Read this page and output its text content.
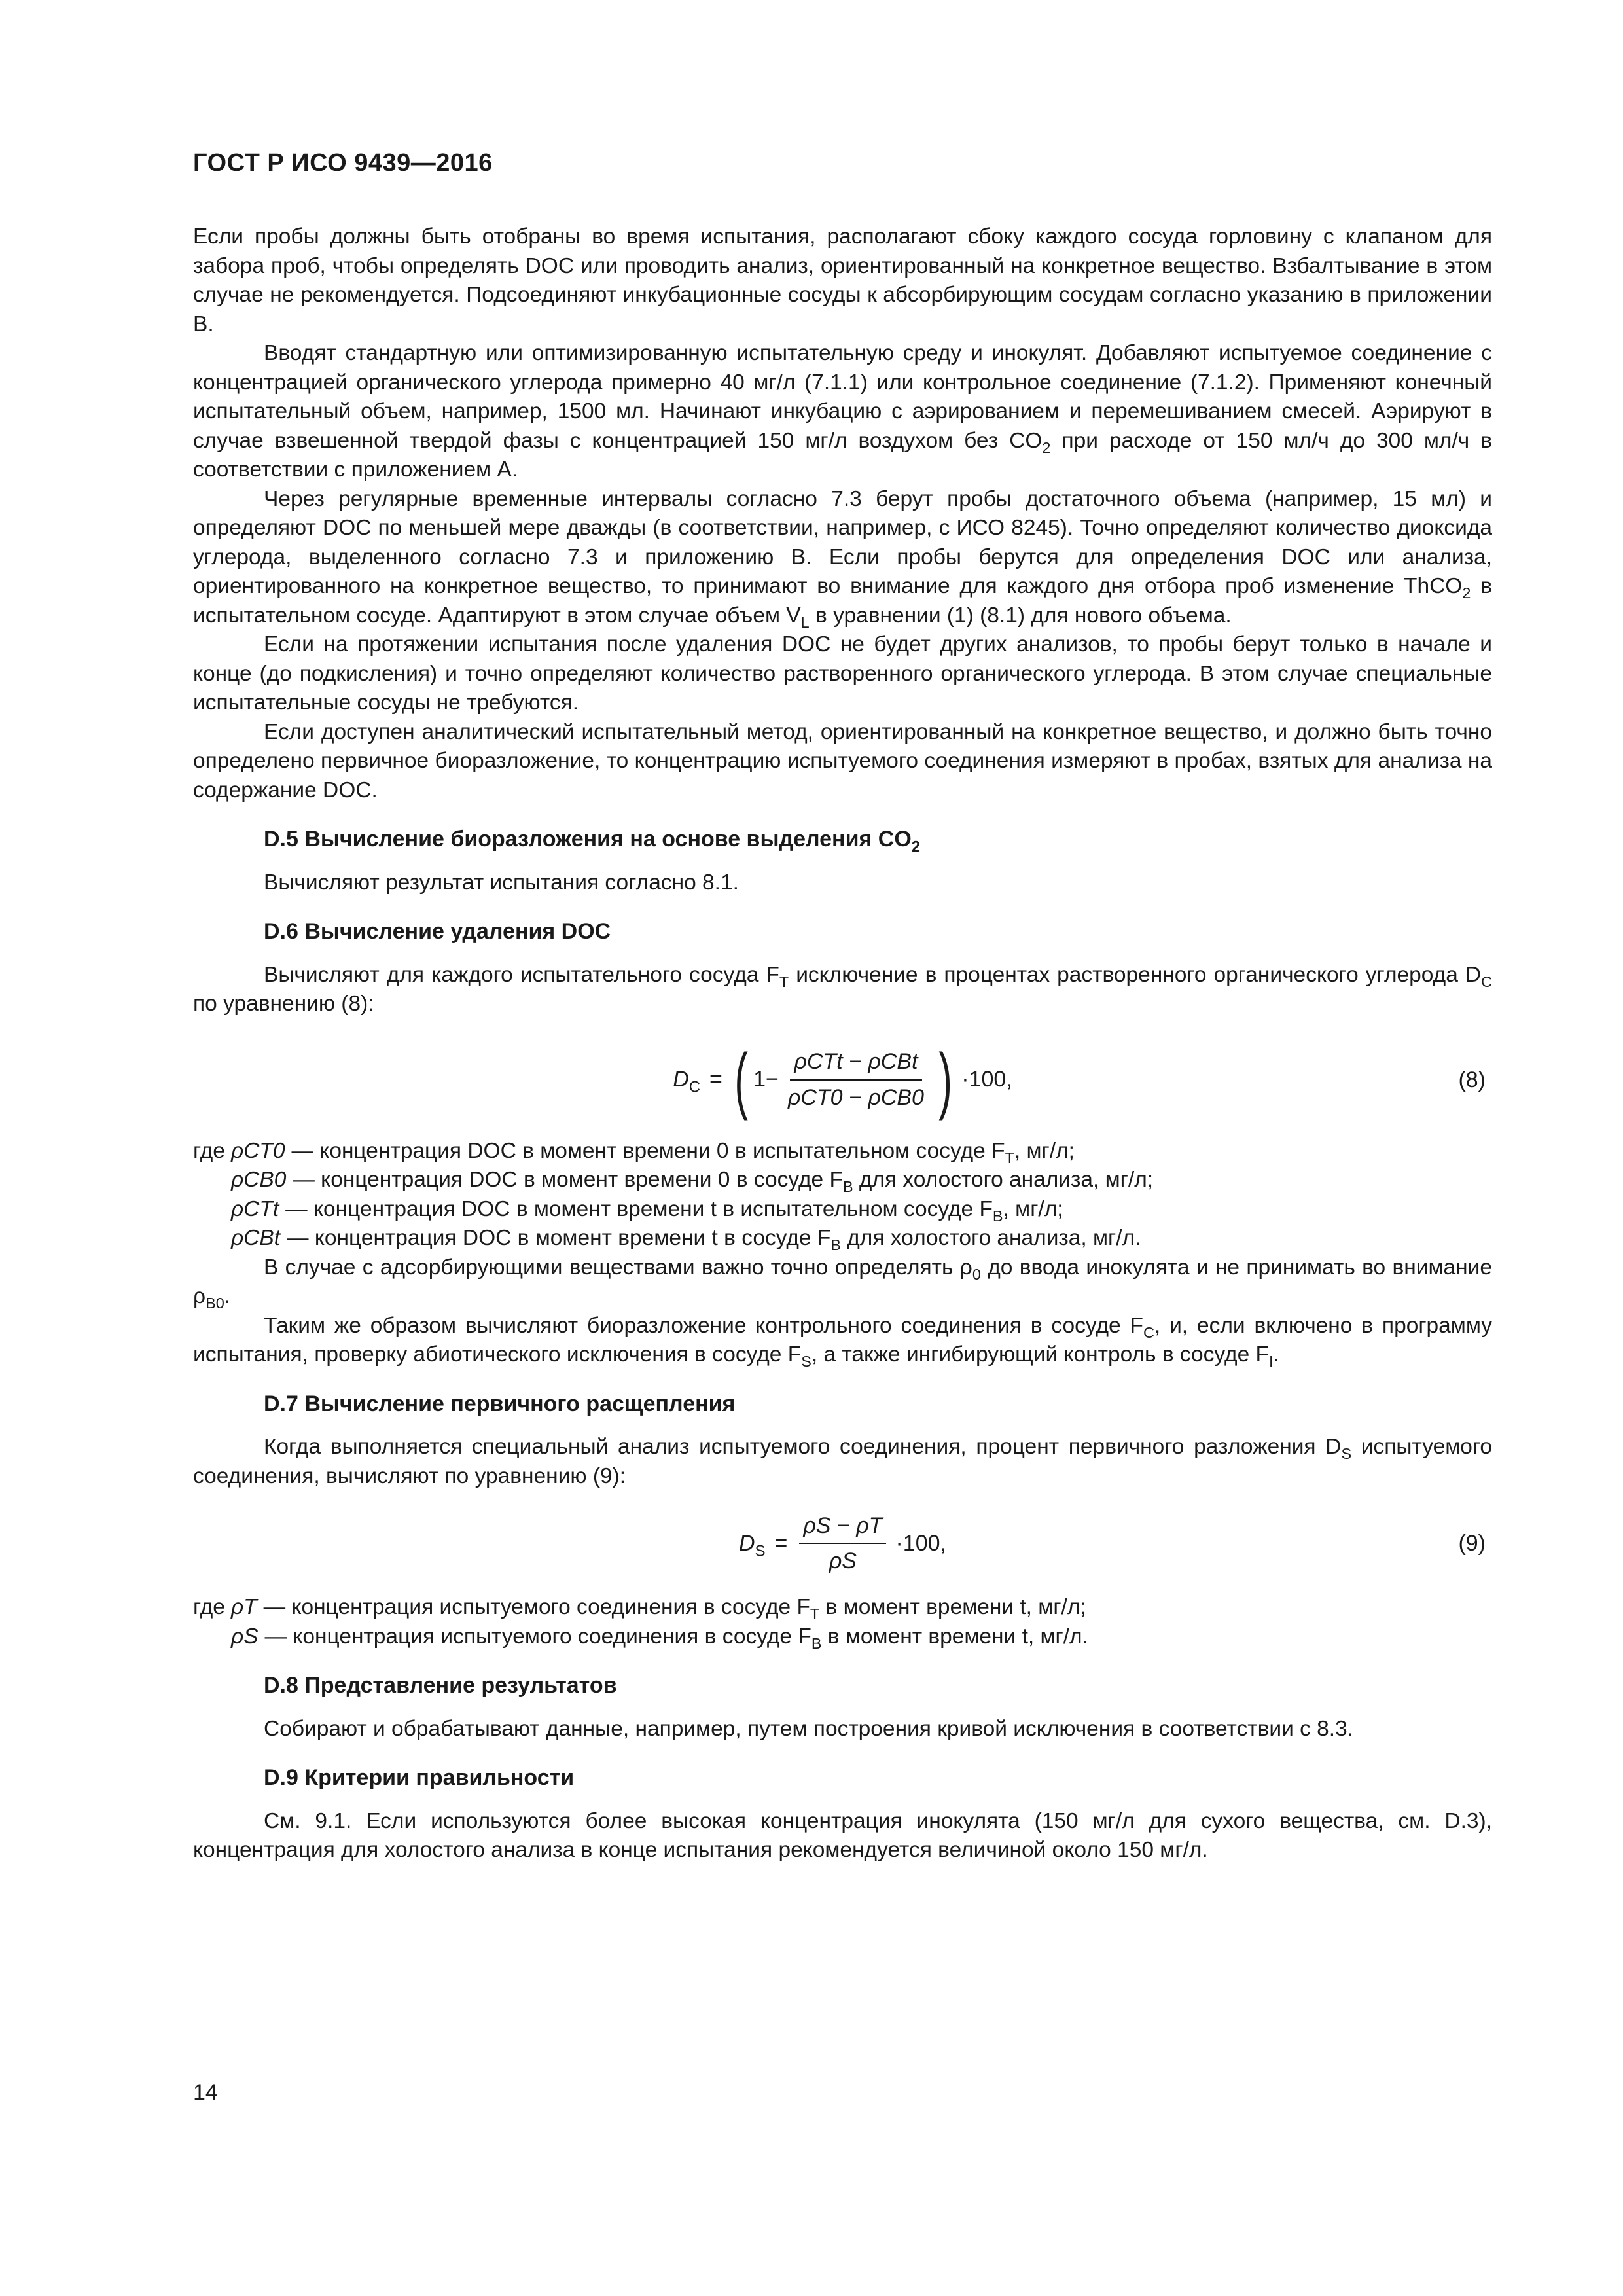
ГОСТ Р ИСО 9439—2016

Если пробы должны быть отобраны во время испытания, располагают сбоку каждого сосуда горловину с клапаном для забора проб, чтобы определять DOC или проводить анализ, ориентированный на конкретное вещество. Взбалтывание в этом случае не рекомендуется. Подсоединяют инкубационные сосуды к абсорбирующим сосудам согласно указанию в приложении В.

Вводят стандартную или оптимизированную испытательную среду и инокулят. Добавляют испытуемое соединение с концентрацией органического углерода примерно 40 мг/л (7.1.1) или контрольное соединение (7.1.2). Применяют конечный испытательный объем, например, 1500 мл. Начинают инкубацию с аэрированием и перемешиванием смесей. Аэрируют в случае взвешенной твердой фазы с концентрацией 150 мг/л воздухом без $CO_2$ при расходе от 150 мл/ч до 300 мл/ч в соответствии с приложением А.

Через регулярные временные интервалы согласно 7.3 берут пробы достаточного объема (например, 15 мл) и определяют DOC по меньшей мере дважды (в соответствии, например, с ИСО 8245). Точно определяют количество диоксида углерода, выделенного согласно 7.3 и приложению В. Если пробы берутся для определения DOC или анализа, ориентированного на конкретное вещество, то принимают во внимание для каждого дня отбора проб изменение ThCO$_2$ в испытательном сосуде. Адаптируют в этом случае объем $V_L$ в уравнении (1) (8.1) для нового объема.

Если на протяжении испытания после удаления DOC не будет других анализов, то пробы берут только в начале и конце (до подкисления) и точно определяют количество растворенного органического углерода. В этом случае специальные испытательные сосуды не требуются.

Если доступен аналитический испытательный метод, ориентированный на конкретное вещество, и должно быть точно определено первичное биоразложение, то концентрацию испытуемого соединения измеряют в пробах, взятых для анализа на содержание DOC.

D.5 Вычисление биоразложения на основе выделения $CO_2$

Вычисляют результат испытания согласно 8.1.

D.6 Вычисление удаления DOC

Вычисляют для каждого испытательного сосуда $F_T$ исключение в процентах растворенного органического углерода $D_C$ по уравнению (8):

$D_C$ = ( $1- \frac{\text{ρCTt − ρCBt}}{\text{ρCT0 − ρCB0}}$ ) ·100,	(8)
где ρCT0 — концентрация DOC в момент времени 0 в испытательном сосуде $F_T$, мг/л;
ρCB0 — концентрация DOC в момент времени 0 в сосуде $F_B$ для холостого анализа, мг/л;
ρCTt — концентрация DOC в момент времени t в испытательном сосуде $F_B$, мг/л;
ρCBt — концентрация DOC в момент времени t в сосуде $F_B$ для холостого анализа, мг/л.

В случае с адсорбирующими веществами важно точно определять $\rho_0$ до ввода инокулята и не принимать во внимание $\rho_{B0}$.

Таким же образом вычисляют биоразложение контрольного соединения в сосуде $F_C$, и, если включено в программу испытания, проверку абиотического исключения в сосуде $F_S$, а также ингибирующий контроль в сосуде $F_I$.

D.7 Вычисление первичного расщепления

Когда выполняется специальный анализ испытуемого соединения, процент первичного разложения $D_S$ испытуемого соединения, вычисляют по уравнению (9):

$D_S = \frac{\rho S - \rho T}{\rho S} \cdot 100$,	(9)
где ρT — концентрация испытуемого соединения в сосуде $F_T$ в момент времени t, мг/л;
ρS — концентрация испытуемого соединения в сосуде $F_B$ в момент времени t, мг/л.
D.8 Представление результатов

Собирают и обрабатывают данные, например, путем построения кривой исключения в соответствии с 8.3.

D.9 Критерии правильности

См. 9.1. Если используются более высокая концентрация инокулята (150 мг/л для сухого вещества, см. D.3), концентрация для холостого анализа в конце испытания рекомендуется величиной около 150 мг/л.

14
